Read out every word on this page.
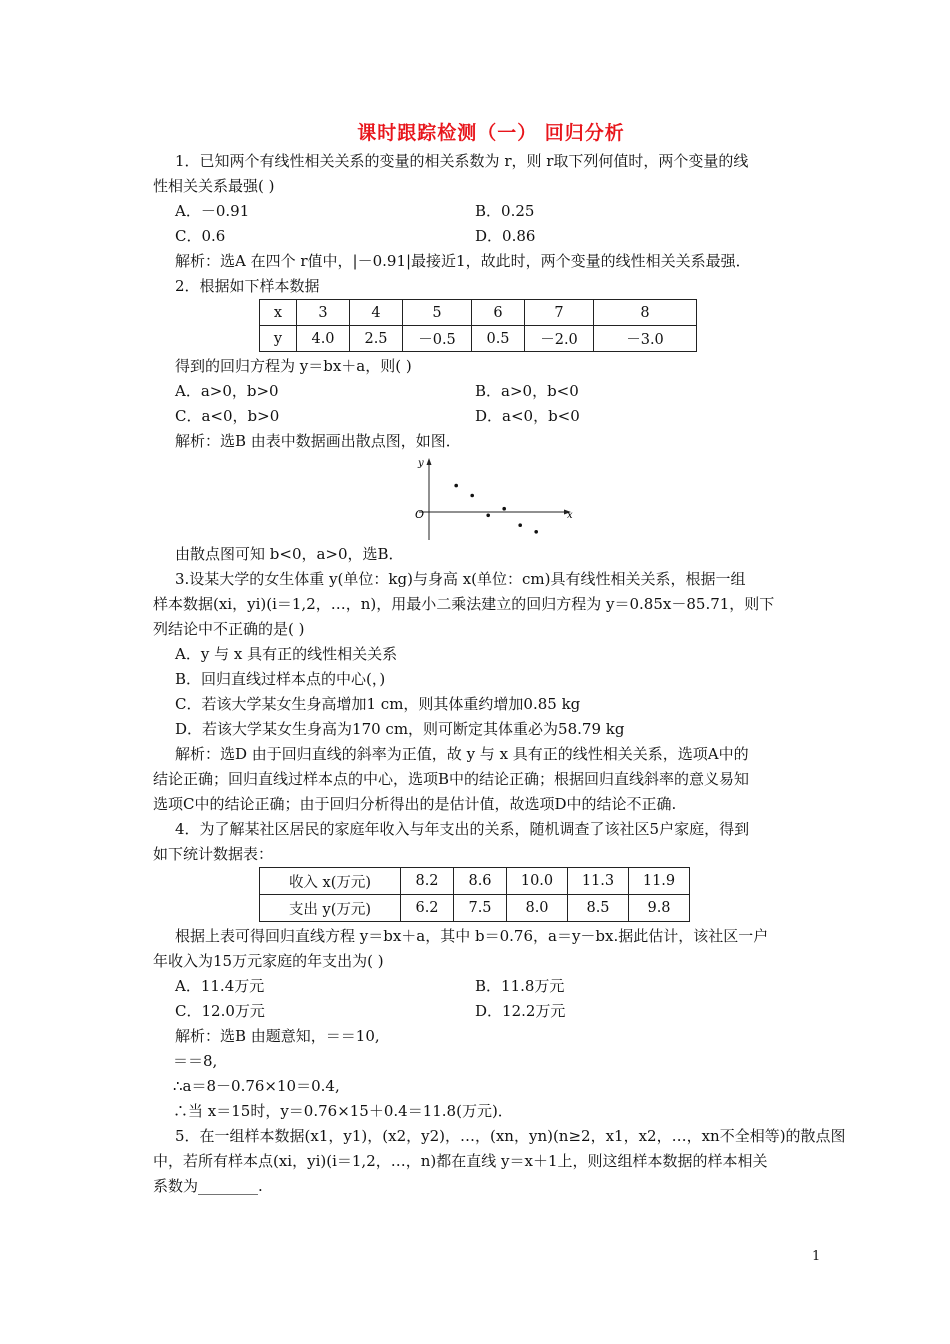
课时跟踪检测（一） 回归分析

1．已知两个有线性相关关系的变量的相关系数为 r，则 r取下列何值时，两个变量的线

性相关关系最强( )

A．－0.91	B．0.25
C．0.6	D．0.86

解析：选A 在四个 r值中，|－0.91|最接近1，故此时，两个变量的线性相关关系最强．

2．根据如下样本数据

x	3	4	5	6	7	8
y	4.0	2.5	－0.5	0.5	－2.0	－3.0

得到的回归方程为 y＝bx＋a，则( )

A．a>0，b>0	B．a>0，b<0
C．a<0，b>0	D．a<0，b<0

解析：选B 由表中数据画出散点图，如图．

y
x
O

由散点图可知 b<0，a>0，选B．

3.设某大学的女生体重 y(单位：kg)与身高 x(单位：cm)具有线性相关关系，根据一组

样本数据(xi，yi)(i＝1,2，…，n)，用最小二乘法建立的回归方程为 y＝0.85x－85.71，则下

列结论中不正确的是( )

A．y 与 x 具有正的线性相关关系

B．回归直线过样本点的中心(，)

C．若该大学某女生身高增加1 cm，则其体重约增加0.85 kg

D．若该大学某女生身高为170 cm，则可断定其体重必为58.79 kg

解析：选D 由于回归直线的斜率为正值，故 y 与 x 具有正的线性相关关系，选项A中的

结论正确；回归直线过样本点的中心，选项B中的结论正确；根据回归直线斜率的意义易知

选项C中的结论正确；由于回归分析得出的是估计值，故选项D中的结论不正确.

4．为了解某社区居民的家庭年收入与年支出的关系，随机调查了该社区5户家庭，得到

如下统计数据表：

收入 x(万元)	8.2	8.6	10.0	11.3	11.9
支出 y(万元)	6.2	7.5	8.0	8.5	9.8

根据上表可得回归直线方程 y＝bx＋a，其中 b＝0.76，a＝y－bx.据此估计，该社区一户

年收入为15万元家庭的年支出为( )

A．11.4万元	B．11.8万元
C．12.0万元	D．12.2万元

解析：选B 由题意知，＝＝10,

＝＝8,

∴a＝8－0.76×10＝0.4,

∴当 x＝15时，y＝0.76×15＋0.4＝11.8(万元)．

5．在一组样本数据(x1，y1)，(x2，y2)，…，(xn，yn)(n≥2，x1，x2，…，xn不全相等)的散点图

中，若所有样本点(xi，yi)(i＝1,2，…，n)都在直线 y＝x＋1上，则这组样本数据的样本相关

系数为________.

1
